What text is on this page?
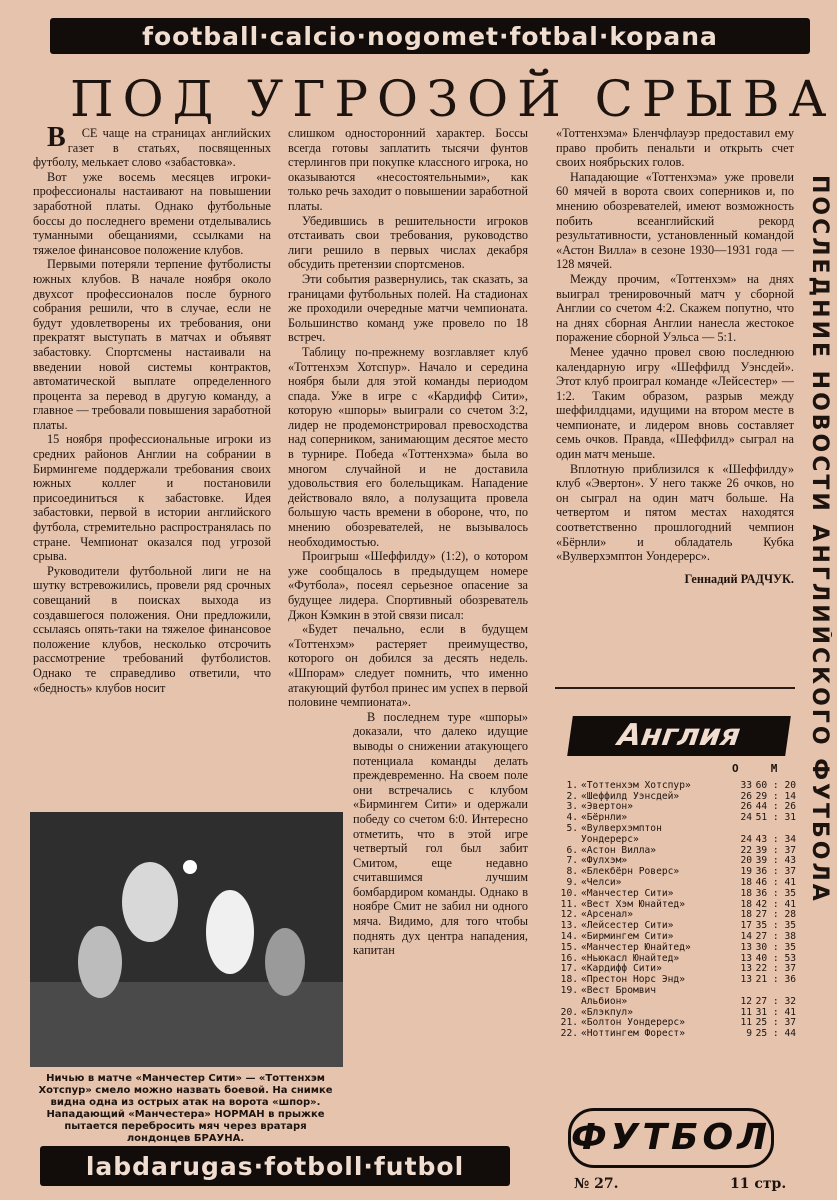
football·calcio·nogomet·fotbal·kopana
ПОД УГРОЗОЙ СРЫВА
ПОСЛЕДНИЕ НОВОСТИ АНГЛИЙСКОГО ФУТБОЛА

В СЕ чаще на страницах английских газет в статьях, посвященных футболу, мелькает слово «забастовка».

Вот уже восемь месяцев игроки-профессионалы настаивают на повышении заработной платы. Однако футбольные боссы до последнего времени отделывались туманными обещаниями, ссылками на тяжелое финансовое положение клубов.

Первыми потеряли терпение футболисты южных клубов. В начале ноября около двухсот профессионалов после бурного собрания решили, что в случае, если не будут удовлетворены их требования, они прекратят выступать в матчах и объявят забастовку. Спортсмены настаивали на введении новой системы контрактов, автоматической выплате определенного процента за перевод в другую команду, а главное — требовали повышения заработной платы.

15 ноября профессиональные игроки из средних районов Англии на собрании в Бирмингеме поддержали требования своих южных коллег и постановили присоединиться к забастовке. Идея забастовки, первой в истории английского футбола, стремительно распространялась по стране. Чемпионат оказался под угрозой срыва.

Руководители футбольной лиги не на шутку встревожились, провели ряд срочных совещаний в поисках выхода из создавшегося положения. Они предложили, ссылаясь опять-таки на тяжелое финансовое положение клубов, несколько отсрочить рассмотрение требований футболистов. Однако те справедливо ответили, что «бедность» клубов носит

Ничью в матче «Манчестер Сити» — «Тоттенхэм Хотспур» смело можно назвать боевой. На снимке видна одна из острых атак на ворота «шпор». Нападающий «Манчестера» НОРМАН в прыжке пытается перебросить мяч через вратаря лондонцев БРАУНА.

слишком односторонний характер. Боссы всегда готовы заплатить тысячи фунтов стерлингов при покупке классного игрока, но оказываются «несостоятельными», как только речь заходит о повышении заработной платы.

Убедившись в решительности игроков отстаивать свои требования, руководство лиги решило в первых числах декабря обсудить претензии спортсменов.

Эти события развернулись, так сказать, за границами футбольных полей. На стадионах же проходили очередные матчи чемпионата. Большинство команд уже провело по 18 встреч.

Таблицу по-прежнему возглавляет клуб «Тоттенхэм Хотспур». Начало и середина ноября были для этой команды периодом спада. Уже в игре с «Кардифф Сити», которую «шпоры» выиграли со счетом 3:2, лидер не продемонстрировал превосходства над соперником, занимающим десятое место в турнире. Победа «Тоттенхэма» была во многом случайной и не доставила удовольствия его болельщикам. Нападение действовало вяло, а полузащита провела большую часть времени в обороне, что, по мнению обозревателей, не вызывалось необходимостью.

Проигрыш «Шеффилду» (1:2), о котором уже сообщалось в предыдущем номере «Футбола», посеял серьезное опасение за будущее лидера. Спортивный обозреватель Джон Кэмкин в этой связи писал:

«Будет печально, если в будущем «Тоттенхэм» растеряет преимущество, которого он добился за десять недель. «Шпорам» следует помнить, что именно атакующий футбол принес им успех в первой половине чемпионата».

В последнем туре «шпоры» доказали, что далеко идущие выводы о снижении атакующего потенциала команды делать преждевременно. На своем поле они встречались с клубом «Бирмингем Сити» и одержали победу со счетом 6:0. Интересно отметить, что в этой игре четвертый гол был забит Смитом, еще недавно считавшимся лучшим бомбардиром команды. Однако в ноябре Смит не забил ни одного мяча. Видимо, для того чтобы поднять дух центра нападения, капитан

«Тоттенхэма» Бленчфлауэр предоставил ему право пробить пенальти и открыть счет своих ноябрьских голов.

Нападающие «Тоттенхэма» уже провели 60 мячей в ворота своих соперников и, по мнению обозревателей, имеют возможность побить всеанглийский рекорд результативности, установленный командой «Астон Вилла» в сезоне 1930—1931 года — 128 мячей.

Между прочим, «Тоттенхэм» на днях выиграл тренировочный матч у сборной Англии со счетом 4:2. Скажем попутно, что на днях сборная Англии нанесла жестокое поражение сборной Уэльса — 5:1.

Менее удачно провел свою последнюю календарную игру «Шеффилд Уэнсдей». Этот клуб проиграл команде «Лейсестер» — 1:2. Таким образом, разрыв между шеффилдцами, идущими на втором месте в чемпионате, и лидером вновь составляет семь очков. Правда, «Шеффилд» сыграл на один матч меньше.

Вплотную приблизился к «Шеффилду» клуб «Эвертон». У него также 26 очков, но он сыграл на один матч больше. На четвертом и пятом местах находятся соответственно прошлогодний чемпион «Бёрнли» и обладатель Кубка «Вулверхэмптон Уондерерс».

Геннадий РАДЧУК.

Англия
		О	М
1.	«Тоттенхэм Хотспур»	33	60 : 20
2.	«Шеффилд Уэнсдей»	26	29 : 14
3.	«Эвертон»	26	44 : 26
4.	«Бёрнли»	24	51 : 31
5.	«Вулверхэмптон		
	Уондерерс»	24	43 : 34
6.	«Астон Вилла»	22	39 : 37
7.	«Фулхэм»	20	39 : 43
8.	«Блекбёрн Роверс»	19	36 : 37
9.	«Челси»	18	46 : 41
10.	«Манчестер Сити»	18	36 : 35
11.	«Вест Хэм Юнайтед»	18	42 : 41
12.	«Арсенал»	18	27 : 28
13.	«Лейсестер Сити»	17	35 : 35
14.	«Бирмингем Сити»	14	27 : 38
15.	«Манчестер Юнайтед»	13	30 : 35
16.	«Ньюкасл Юнайтед»	13	40 : 53
17.	«Кардифф Сити»	13	22 : 37
18.	«Престон Норс Энд»	13	21 : 36
19.	«Вест Бромвич		
	Альбион»	12	27 : 32
20.	«Блэкпул»	11	31 : 41
21.	«Болтон Уондерерс»	11	25 : 37
22.	«Ноттингем Форест»	9	25 : 44
labdarugas·fotboll·futbol
ФУТБОЛ
№ 27.	11 стр.
